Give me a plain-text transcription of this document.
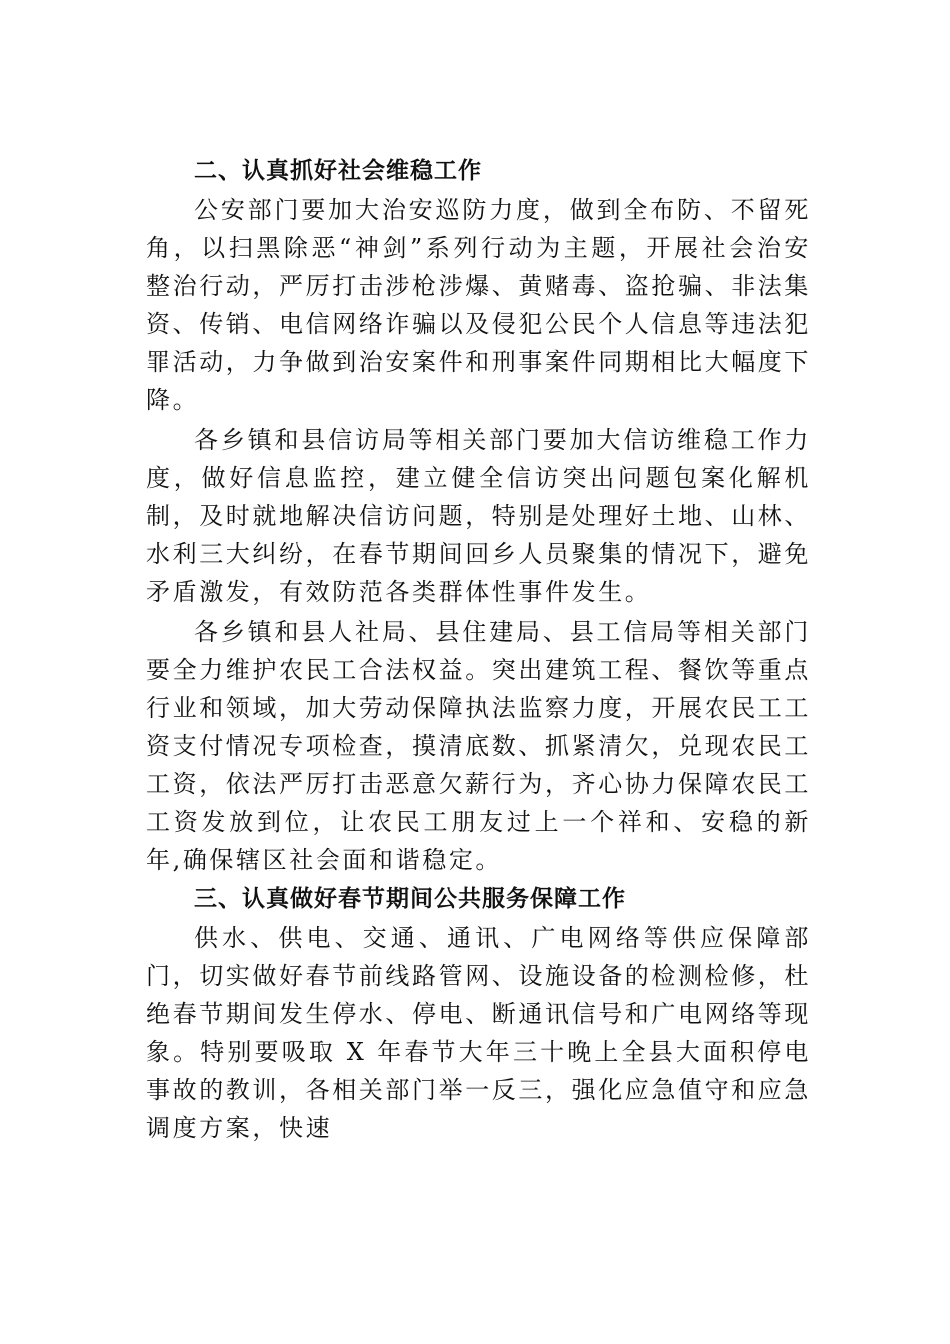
二、认真抓好社会维稳工作

公安部门要加大治安巡防力度，做到全布防、不留死角，以扫黑除恶“神剑”系列行动为主题，开展社会治安整治行动，严厉打击涉枪涉爆、黄赌毒、盗抢骗、非法集资、传销、电信网络诈骗以及侵犯公民个人信息等违法犯罪活动，力争做到治安案件和刑事案件同期相比大幅度下降。

各乡镇和县信访局等相关部门要加大信访维稳工作力度，做好信息监控，建立健全信访突出问题包案化解机制，及时就地解决信访问题，特别是处理好土地、山林、水利三大纠纷，在春节期间回乡人员聚集的情况下，避免矛盾激发，有效防范各类群体性事件发生。

各乡镇和县人社局、县住建局、县工信局等相关部门要全力维护农民工合法权益。突出建筑工程、餐饮等重点行业和领域，加大劳动保障执法监察力度，开展农民工工资支付情况专项检查，摸清底数、抓紧清欠，兑现农民工工资，依法严厉打击恶意欠薪行为，齐心协力保障农民工工资发放到位，让农民工朋友过上一个祥和、安稳的新年,确保辖区社会面和谐稳定。

三、认真做好春节期间公共服务保障工作

供水、供电、交通、通讯、广电网络等供应保障部门，切实做好春节前线路管网、设施设备的检测检修，杜绝春节期间发生停水、停电、断通讯信号和广电网络等现象。特别要吸取 X 年春节大年三十晚上全县大面积停电事故的教训，各相关部门举一反三，强化应急值守和应急调度方案，快速
